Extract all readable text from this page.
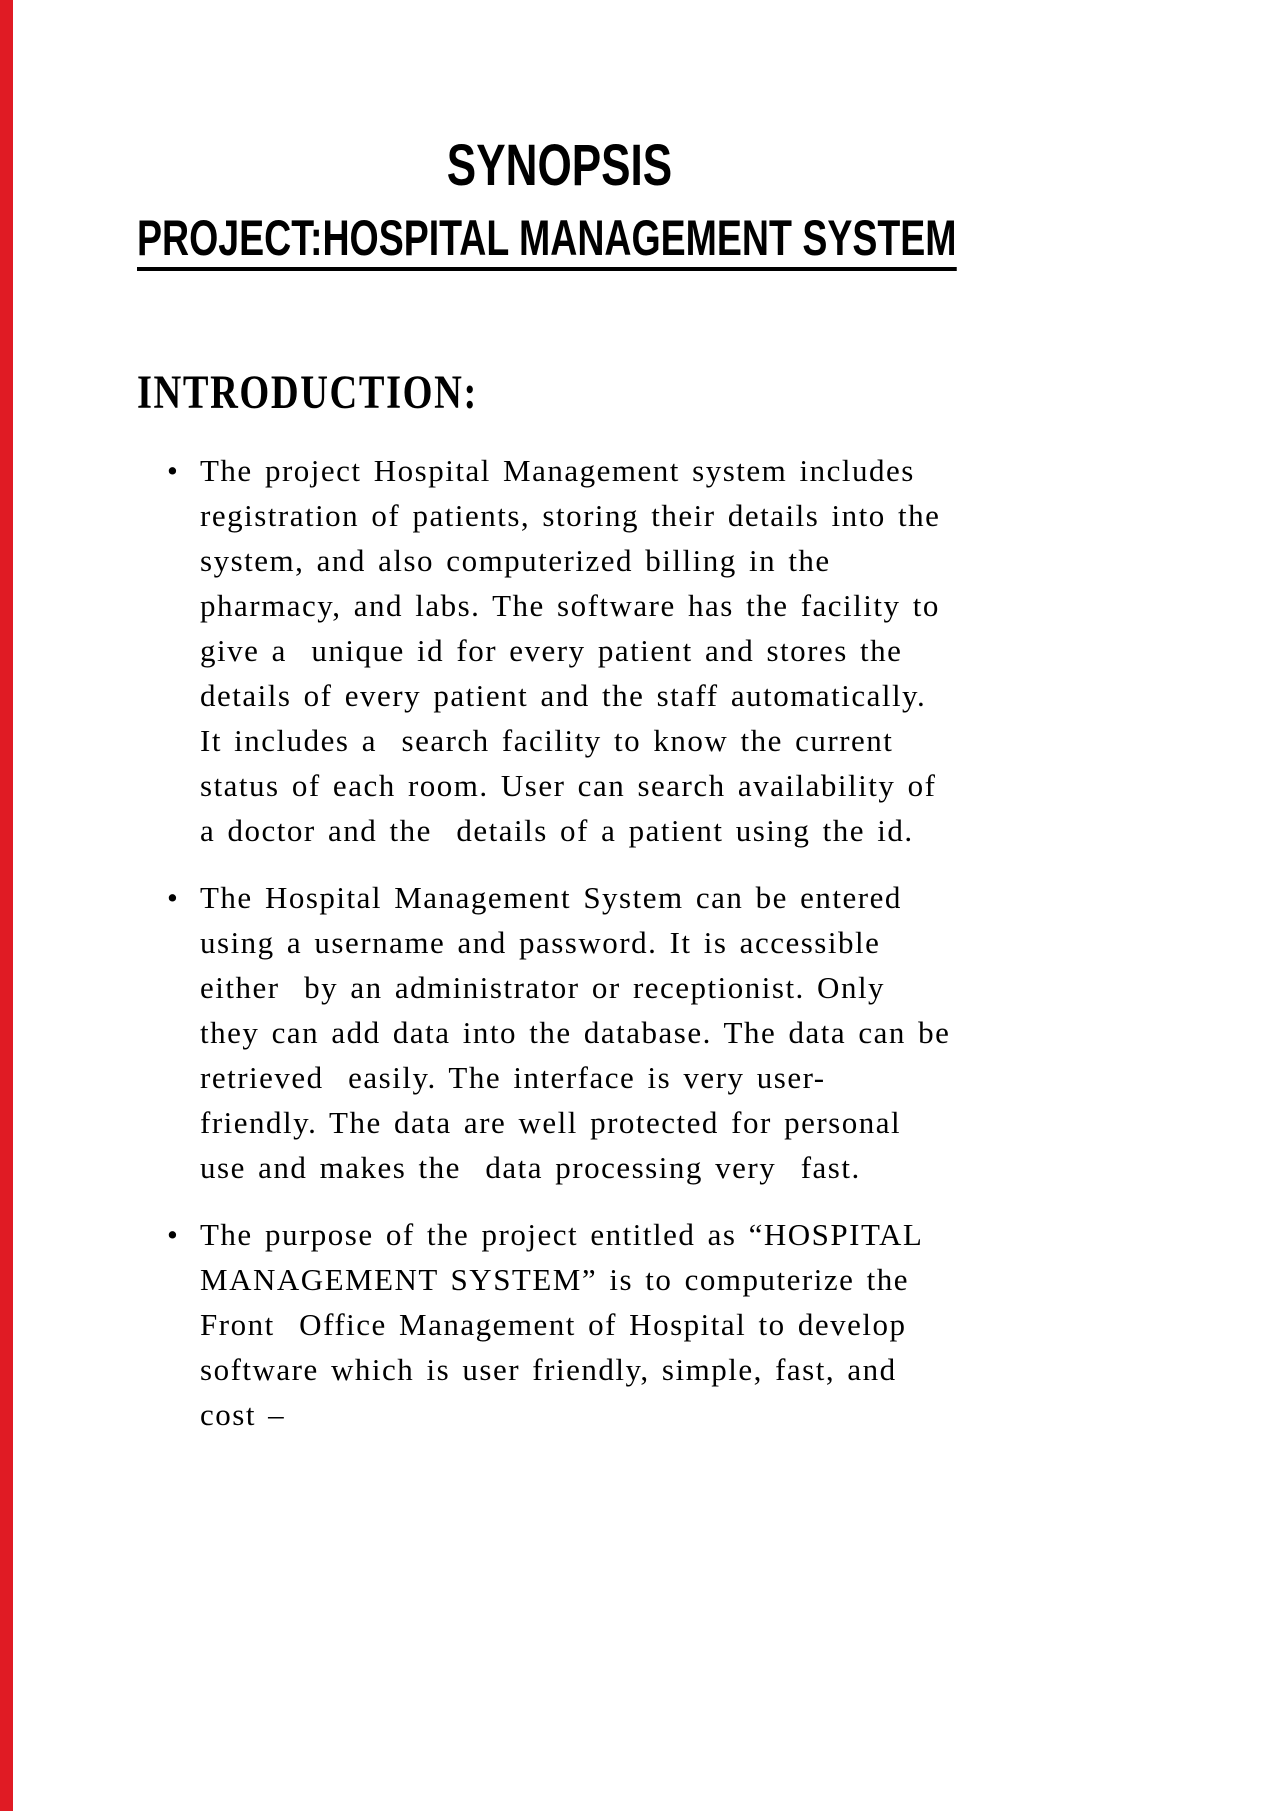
SYNOPSIS
PROJECT:HOSPITAL MANAGEMENT SYSTEM
INTRODUCTION:
• The project Hospital Management system includes
registration of patients, storing their details into the
system, and also computerized billing in the
pharmacy, and labs. The software has the facility to
give a  unique id for every patient and stores the
details of every patient and the staff automatically.
It includes a  search facility to know the current
status of each room. User can search availability of
a doctor and the  details of a patient using the id.
• The Hospital Management System can be entered
using a username and password. It is accessible
either  by an administrator or receptionist. Only
they can add data into the database. The data can be
retrieved  easily. The interface is very user-
friendly. The data are well protected for personal
use and makes the  data processing very  fast.
• The purpose of the project entitled as “HOSPITAL
MANAGEMENT SYSTEM” is to computerize the
Front  Office Management of Hospital to develop
software which is user friendly, simple, fast, and
cost –
